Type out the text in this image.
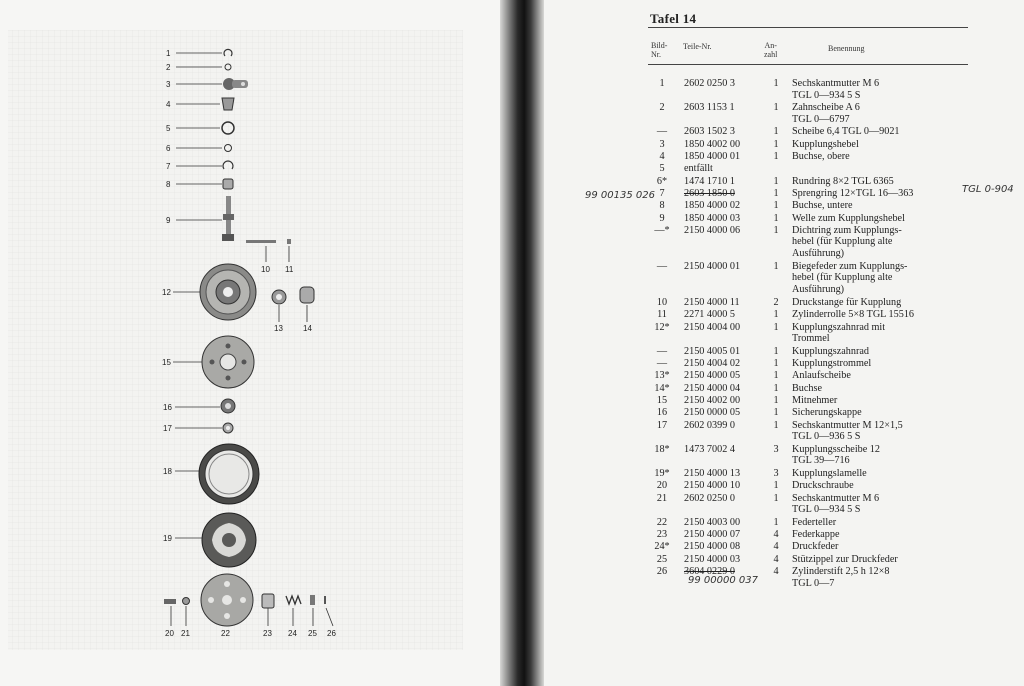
1
2
3
4
5
6
7
8
9
10 11
12
13	14
15
16
17
18
19
20 21	22	23 24 25 26
Tafel 14
Bild-
Nr.
Teile-Nr.	An-
zahl
Benennung
1	2602 0250 3	1	Sechskantmutter M 6
TGL 0—934 5 S
2	2603 1153 1	1	Zahnscheibe A 6
TGL 0—6797
—	2603 1502 3	1	Scheibe 6,4 TGL 0—9021
3	1850 4002 00	1	Kupplungshebel
4	1850 4000 01	1	Buchse, obere
5	entfällt
6*	1474 1710 1	1	Rundring 8×2 TGL 6365
7	2603 1850 0	1	Sprengring 12×TGL 16—363
8	1850 4000 02	1	Buchse, untere
9	1850 4000 03	1	Welle zum Kupplungshebel
—*	2150 4000 06	1	Dichtring zum Kupplungs-
hebel (für Kupplung alte
Ausführung)
—	2150 4000 01	1	Biegefeder zum Kupplungs-
hebel (für Kupplung alte
Ausführung)
10	2150 4000 11	2	Druckstange für Kupplung
11	2271 4000 5	1	Zylinderrolle 5×8 TGL 15516
12*	2150 4004 00	1	Kupplungszahnrad mit
Trommel
—	2150 4005 01	1	Kupplungszahnrad
—	2150 4004 02	1	Kupplungstrommel
13*	2150 4000 05	1	Anlaufscheibe
14*	2150 4000 04	1	Buchse
15	2150 4002 00	1	Mitnehmer
16	2150 0000 05	1	Sicherungskappe
17	2602 0399 0	1	Sechskantmutter M 12×1,5
TGL 0—936 5 S
18*	1473 7002 4	3	Kupplungsscheibe 12
TGL 39—716
19*	2150 4000 13	3	Kupplungslamelle
20	2150 4000 10	1	Druckschraube
21	2602 0250 0	1	Sechskantmutter M 6
TGL 0—934 5 S
22	2150 4003 00	1	Federteller
23	2150 4000 07	4	Federkappe
24*	2150 4000 08	4	Druckfeder
25	2150 4000 03	4	Stützippel zur Druckfeder
26	3604 0229 0	4	Zylinderstift 2,5 h 12×8
TGL 0—7
99 00135 026
TGL 0-904
99 00000 037
